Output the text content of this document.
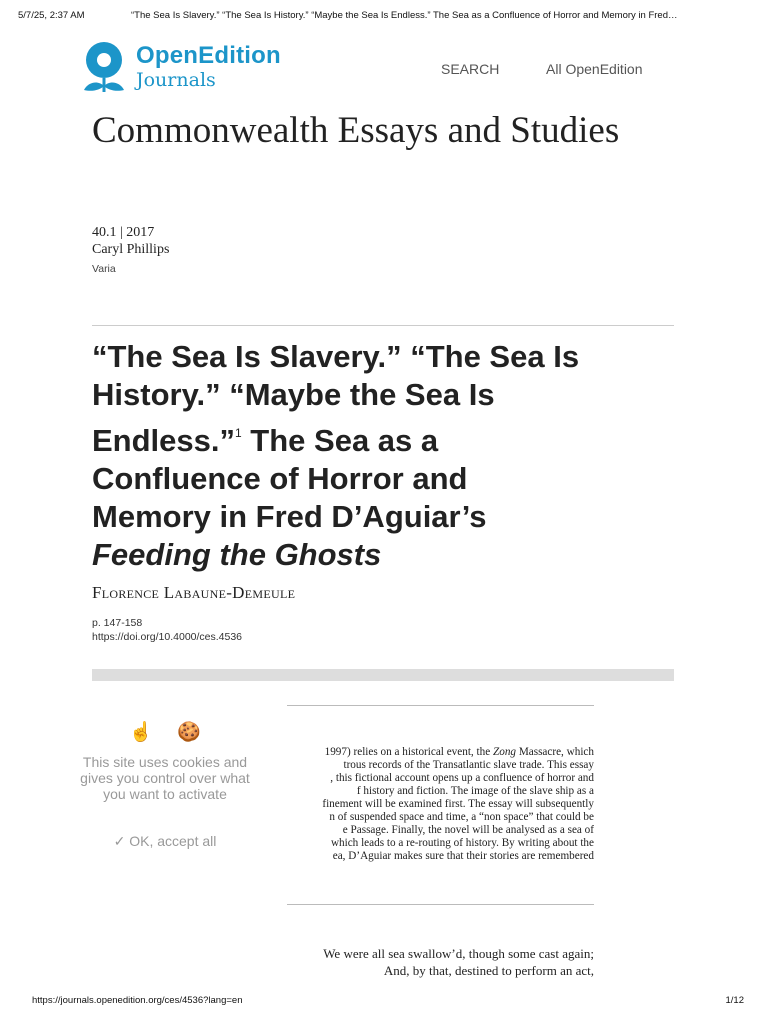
5/7/25, 2:37 AM	“The Sea Is Slavery.” “The Sea Is History.” “Maybe the Sea Is Endless.” The Sea as a Confluence of Horror and Memory in Fred…
OpenEdition
Journals	SEARCH	All OpenEdition
Commonwealth Essays and Studies
40.1 | 2017
Caryl Phillips
Varia
“The Sea Is Slavery.” “The Sea Is
History.” “Maybe the Sea Is
Endless.”$^1$ The Sea as a
Confluence of Horror and
Memory in Fred D’Aguiar’s
Feeding the Ghosts
Florence Labaune-Demeule
p. 147-158
https://doi.org/10.4000/ces.4536
1997) relies on a historical event, the Zong Massacre, which
trous records of the Transatlantic slave trade. This essay
, this fictional account opens up a confluence of horror and
f history and fiction. The image of the slave ship as a
finement will be examined first. The essay will subsequently
n of suspended space and time, a “non space” that could be
e Passage. Finally, the novel will be analysed as a sea of
which leads to a re-routing of history. By writing about the
ea, D’Aguiar makes sure that their stories are remembered
We were all sea swallow’d, though some cast again;
And, by that, destined to perform an act,
☝ 🍪
This site uses cookies and gives you control over what you want to activate
✓ OK, accept all
https://journals.openedition.org/ces/4536?lang=en	1/12
